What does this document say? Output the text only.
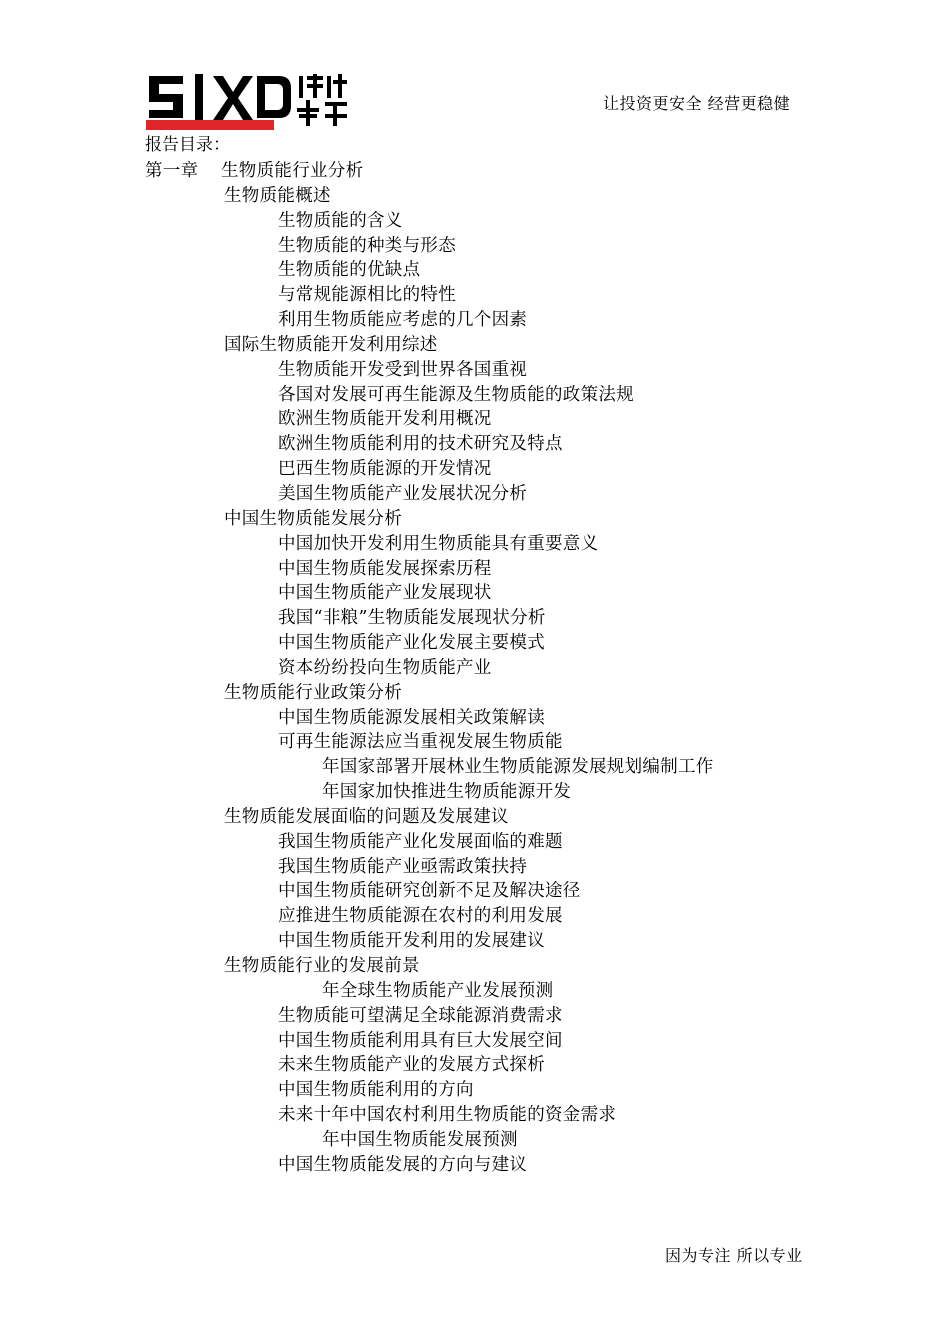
让投资更安全 经营更稳健
报告目录：
第一章 生物质能行业分析
生物质能概述
生物质能的含义
生物质能的种类与形态
生物质能的优缺点
与常规能源相比的特性
利用生物质能应考虑的几个因素
国际生物质能开发利用综述
生物质能开发受到世界各国重视
各国对发展可再生能源及生物质能的政策法规
欧洲生物质能开发利用概况
欧洲生物质能利用的技术研究及特点
巴西生物质能源的开发情况
美国生物质能产业发展状况分析
中国生物质能发展分析
中国加快开发利用生物质能具有重要意义
中国生物质能发展探索历程
中国生物质能产业发展现状
我国“非粮”生物质能发展现状分析
中国生物质能产业化发展主要模式
资本纷纷投向生物质能产业
生物质能行业政策分析
中国生物质能源发展相关政策解读
可再生能源法应当重视发展生物质能
年国家部署开展林业生物质能源发展规划编制工作
年国家加快推进生物质能源开发
生物质能发展面临的问题及发展建议
我国生物质能产业化发展面临的难题
我国生物质能产业亟需政策扶持
中国生物质能研究创新不足及解决途径
应推进生物质能源在农村的利用发展
中国生物质能开发利用的发展建议
生物质能行业的发展前景
年全球生物质能产业发展预测
生物质能可望满足全球能源消费需求
中国生物质能利用具有巨大发展空间
未来生物质能产业的发展方式探析
中国生物质能利用的方向
未来十年中国农村利用生物质能的资金需求
年中国生物质能发展预测
中国生物质能发展的方向与建议
因为专注 所以专业
